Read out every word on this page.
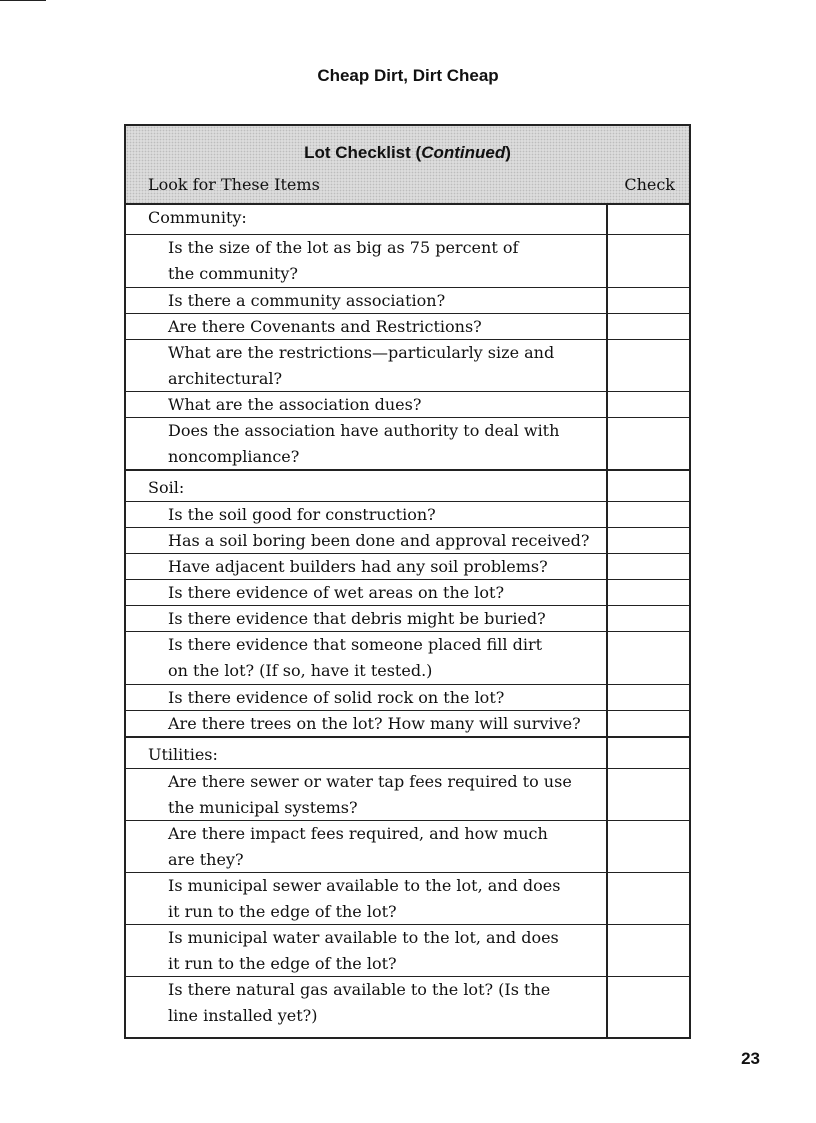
Cheap Dirt, Dirt Cheap
Lot Checklist (Continued)
Look for These Items	Check
Community:
Is the size of the lot as big as 75 percent of
the community?
Is there a community association?
Are there Covenants and Restrictions?
What are the restrictions—particularly size and
architectural?
What are the association dues?
Does the association have authority to deal with
noncompliance?
Soil:
Is the soil good for construction?
Has a soil boring been done and approval received?
Have adjacent builders had any soil problems?
Is there evidence of wet areas on the lot?
Is there evidence that debris might be buried?
Is there evidence that someone placed fill dirt
on the lot? (If so, have it tested.)
Is there evidence of solid rock on the lot?
Are there trees on the lot? How many will survive?
Utilities:
Are there sewer or water tap fees required to use
the municipal systems?
Are there impact fees required, and how much
are they?
Is municipal sewer available to the lot, and does
it run to the edge of the lot?
Is municipal water available to the lot, and does
it run to the edge of the lot?
Is there natural gas available to the lot? (Is the
line installed yet?)
23
